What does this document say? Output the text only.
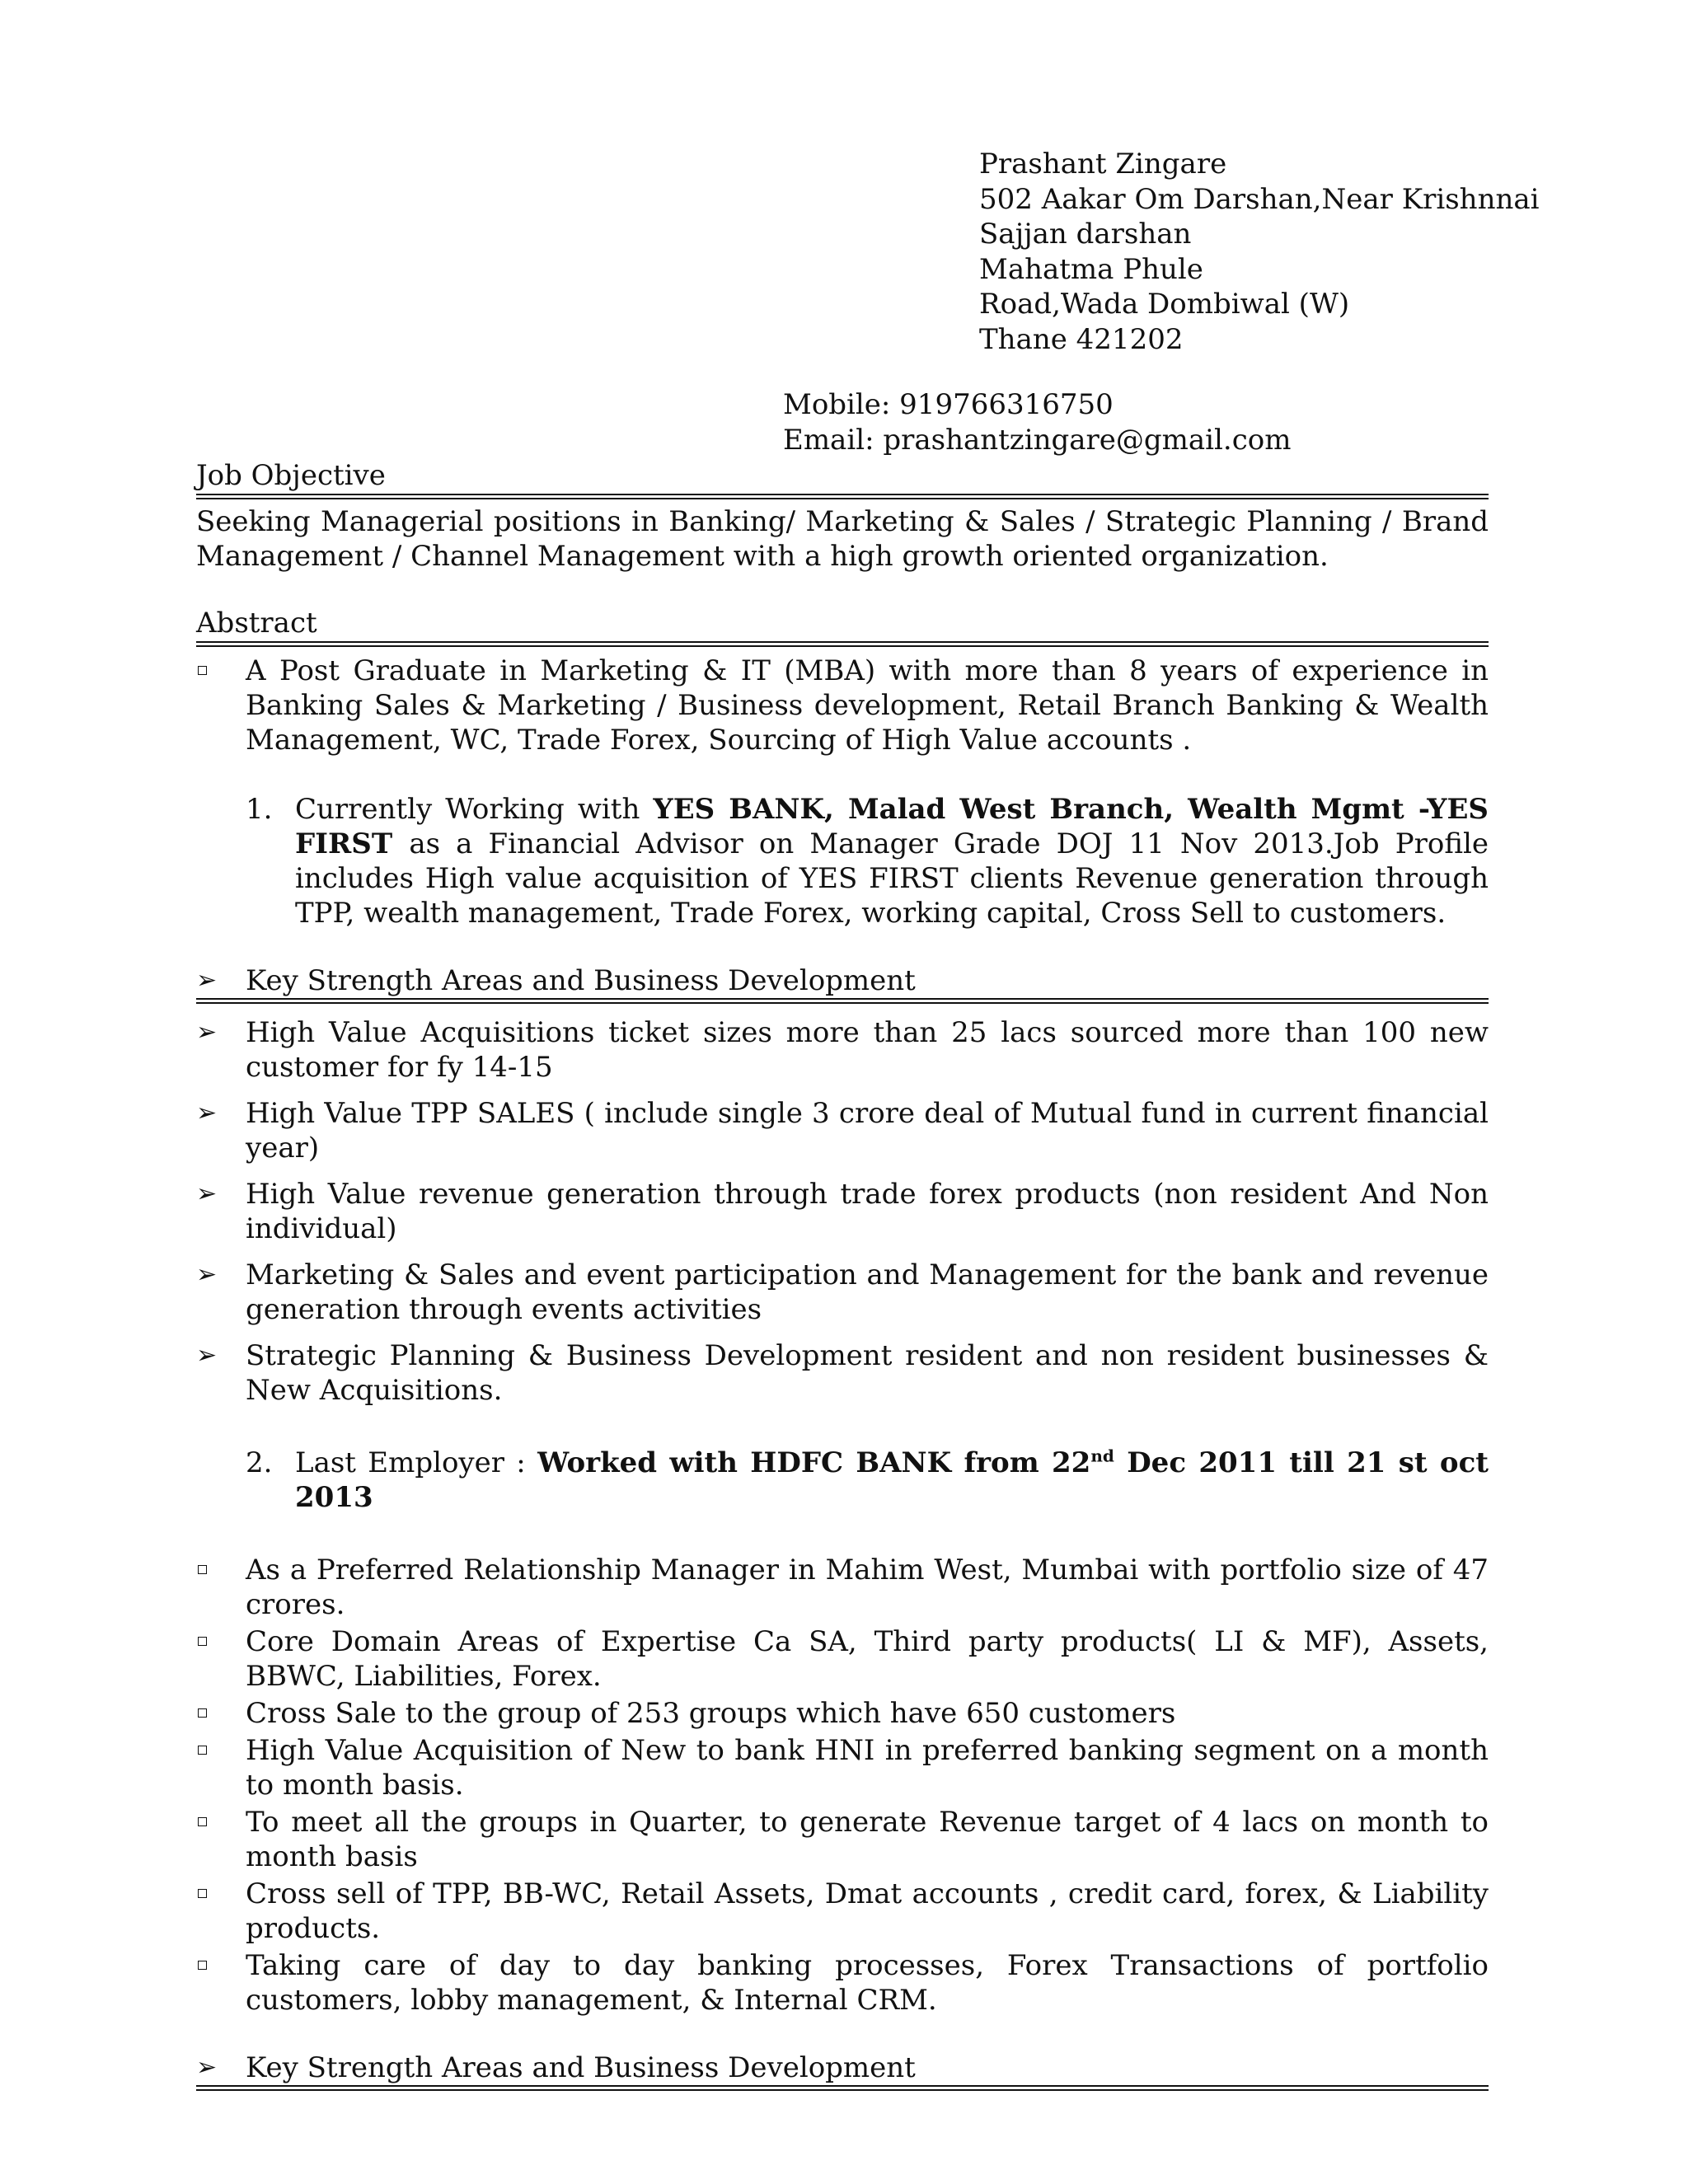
Prashant Zingare
502 Aakar Om Darshan,Near Krishnnai
Sajjan darshan
Mahatma Phule
Road,Wada Dombiwal (W)
Thane 421202
Mobile: 919766316750
Email: prashantzingare@gmail.com
Job Objective
Seeking Managerial positions in Banking/ Marketing & Sales / Strategic Planning / Brand Management / Channel Management with a high growth oriented organization.
Abstract
A Post Graduate in Marketing & IT (MBA) with more than 8 years of experience in Banking Sales & Marketing / Business development, Retail Branch Banking & Wealth Management, WC, Trade Forex, Sourcing of High Value accounts .
1. Currently Working with YES BANK, Malad West Branch, Wealth Mgmt -YES FIRST as a Financial Advisor on Manager Grade DOJ 11 Nov 2013.Job Profile includes High value acquisition of YES FIRST clients Revenue generation through TPP, wealth management, Trade Forex, working capital, Cross Sell to customers.
➢ Key Strength Areas and Business Development
➢ High Value Acquisitions ticket sizes more than 25 lacs sourced more than 100 new customer for fy 14-15
➢ High Value TPP SALES ( include single 3 crore deal of Mutual fund in current financial year)
➢ High Value revenue generation through trade forex products (non resident And Non individual)
➢ Marketing & Sales and event participation and Management for the bank and revenue generation through events activities
➢ Strategic Planning & Business Development resident and non resident businesses & New Acquisitions.
2. Last Employer : Worked with HDFC BANK from 22nd Dec 2011 till 21 st oct 2013
As a Preferred Relationship Manager in Mahim West, Mumbai with portfolio size of 47 crores.
Core Domain Areas of Expertise Ca SA, Third party products( LI & MF), Assets, BBWC, Liabilities, Forex.
Cross Sale to the group of 253 groups which have 650 customers
High Value Acquisition of New to bank HNI in preferred banking segment on a month to month basis.
To meet all the groups in Quarter, to generate Revenue target of 4 lacs on month to month basis
Cross sell of TPP, BB-WC, Retail Assets, Dmat accounts , credit card, forex, & Liability products.
Taking care of day to day banking processes, Forex Transactions of portfolio customers, lobby management, & Internal CRM.
➢ Key Strength Areas and Business Development
